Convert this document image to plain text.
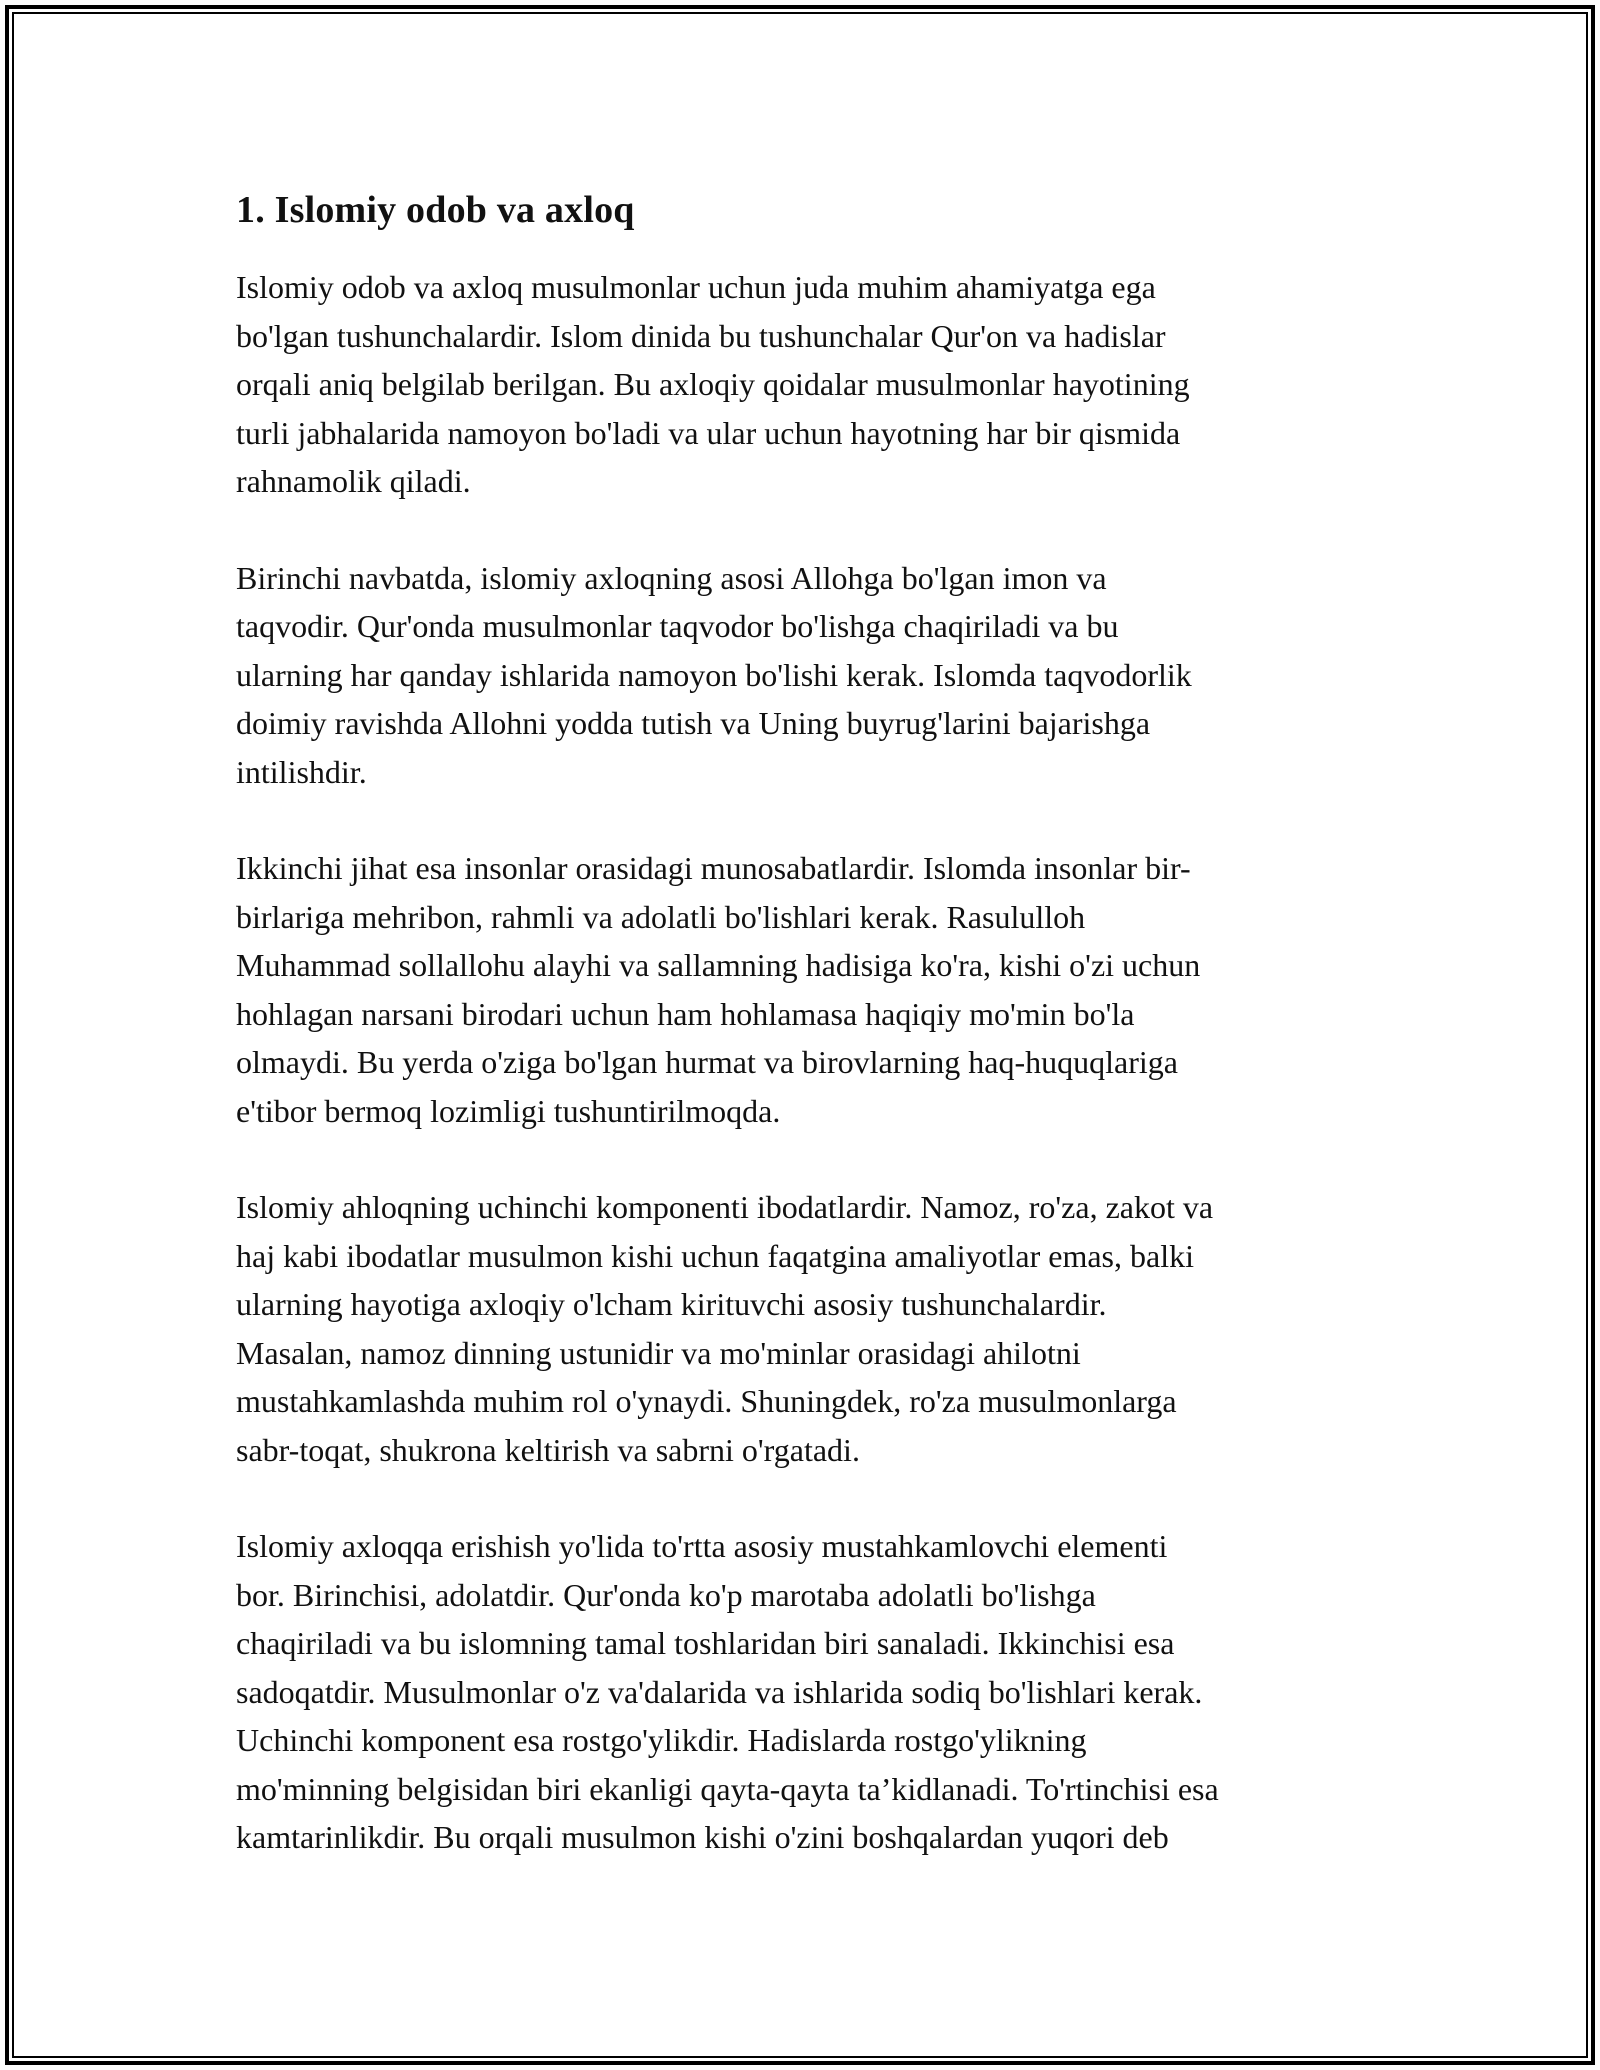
1. Islomiy odob va axloq

Islomiy odob va axloq musulmonlar uchun juda muhim ahamiyatga ega
bo'lgan tushunchalardir. Islom dinida bu tushunchalar Qur'on va hadislar
orqali aniq belgilab berilgan. Bu axloqiy qoidalar musulmonlar hayotining
turli jabhalarida namoyon bo'ladi va ular uchun hayotning har bir qismida
rahnamolik qiladi.

Birinchi navbatda, islomiy axloqning asosi Allohga bo'lgan imon va
taqvodir. Qur'onda musulmonlar taqvodor bo'lishga chaqiriladi va bu
ularning har qanday ishlarida namoyon bo'lishi kerak. Islomda taqvodorlik
doimiy ravishda Allohni yodda tutish va Uning buyrug'larini bajarishga
intilishdir.

Ikkinchi jihat esa insonlar orasidagi munosabatlardir. Islomda insonlar bir-
birlariga mehribon, rahmli va adolatli bo'lishlari kerak. Rasululloh
Muhammad sollallohu alayhi va sallamning hadisiga ko'ra, kishi o'zi uchun
hohlagan narsani birodari uchun ham hohlamasa haqiqiy mo'min bo'la
olmaydi. Bu yerda o'ziga bo'lgan hurmat va birovlarning haq-huquqlariga
e'tibor bermoq lozimligi tushuntirilmoqda.

Islomiy ahloqning uchinchi komponenti ibodatlardir. Namoz, ro'za, zakot va
haj kabi ibodatlar musulmon kishi uchun faqatgina amaliyotlar emas, balki
ularning hayotiga axloqiy o'lcham kirituvchi asosiy tushunchalardir.
Masalan, namoz dinning ustunidir va mo'minlar orasidagi ahilotni
mustahkamlashda muhim rol o'ynaydi. Shuningdek, ro'za musulmonlarga
sabr-toqat, shukrona keltirish va sabrni o'rgatadi.

Islomiy axloqqa erishish yo'lida to'rtta asosiy mustahkamlovchi elementi
bor. Birinchisi, adolatdir. Qur'onda ko'p marotaba adolatli bo'lishga
chaqiriladi va bu islomning tamal toshlaridan biri sanaladi. Ikkinchisi esa
sadoqatdir. Musulmonlar o'z va'dalarida va ishlarida sodiq bo'lishlari kerak.
Uchinchi komponent esa rostgo'ylikdir. Hadislarda rostgo'ylikning
mo'minning belgisidan biri ekanligi qayta-qayta ta’kidlanadi. To'rtinchisi esa
kamtarinlikdir. Bu orqali musulmon kishi o'zini boshqalardan yuqori deb
